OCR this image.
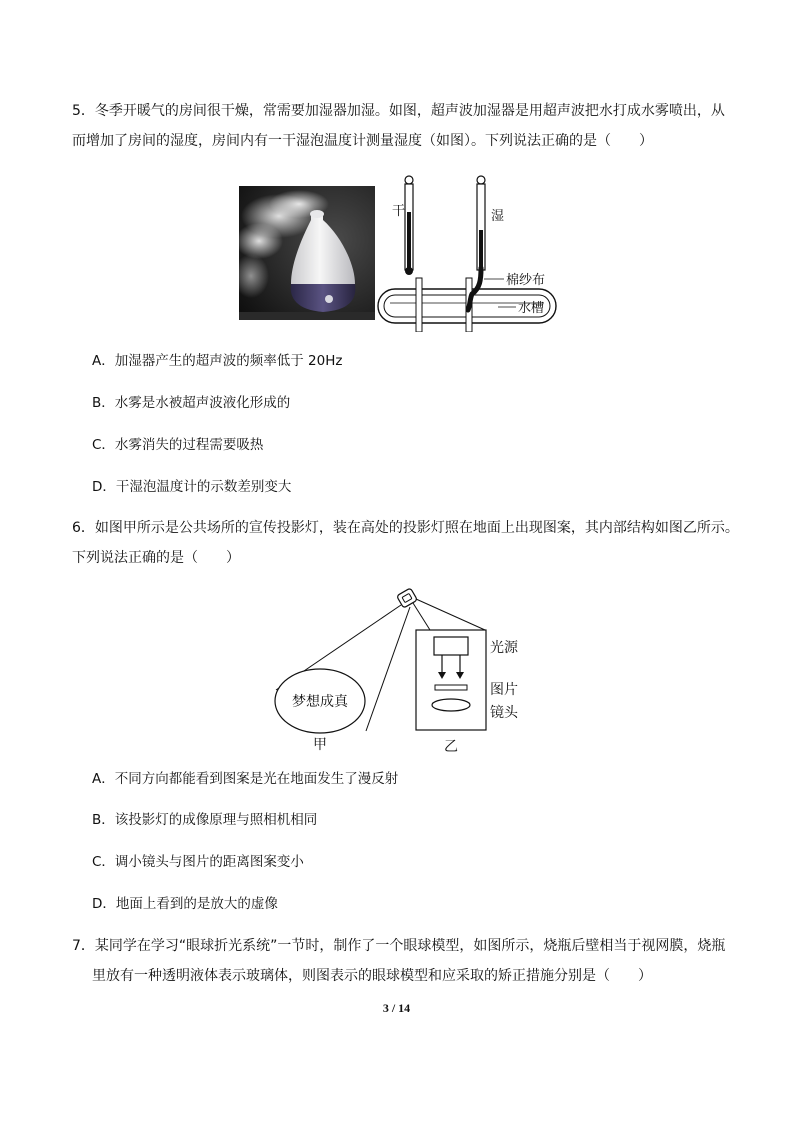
5．冬季开暖气的房间很干燥，常需要加湿器加湿。如图，超声波加湿器是用超声波把水打成水雾喷出，从
而增加了房间的湿度，房间内有一干湿泡温度计测量湿度（如图）。下列说法正确的是（　　）
干	湿
棉纱布
水槽
A．加湿器产生的超声波的频率低于 20Hz
B．水雾是水被超声波液化形成的
C．水雾消失的过程需要吸热
D．干湿泡温度计的示数差别变大
6．如图甲所示是公共场所的宣传投影灯，装在高处的投影灯照在地面上出现图案，其内部结构如图乙所示。
下列说法正确的是（　　）
梦想成真
甲	乙
光源
图片
镜头
A．不同方向都能看到图案是光在地面发生了漫反射
B．该投影灯的成像原理与照相机相同
C．调小镜头与图片的距离图案变小
D．地面上看到的是放大的虚像
7．某同学在学习“眼球折光系统”一节时，制作了一个眼球模型，如图所示，烧瓶后壁相当于视网膜，烧瓶
里放有一种透明液体表示玻璃体，则图表示的眼球模型和应采取的矫正措施分别是（　　）
3 / 14
